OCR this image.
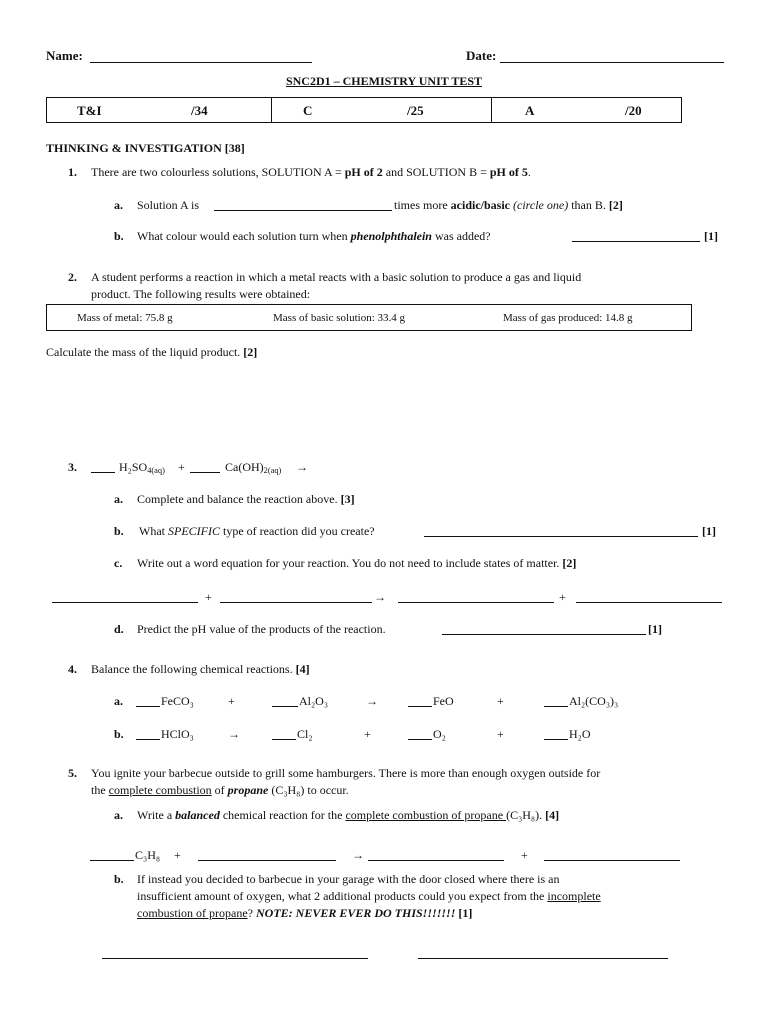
Name:	Date:
SNC2D1 – CHEMISTRY UNIT TEST
T&I	/34	C	/25	A	/20
THINKING & INVESTIGATION [38]
1. There are two colourless solutions, SOLUTION A = pH of 2 and SOLUTION B = pH of 5.
a. Solution A is	times more acidic/basic (circle one) than B. [2]
b. What colour would each solution turn when phenolphthalein was added?	[1]
2. A student performs a reaction in which a metal reacts with a basic solution to produce a gas and liquid
product. The following results were obtained:
Mass of metal: 75.8 g	Mass of basic solution: 33.4 g	Mass of gas produced: 14.8 g
Calculate the mass of the liquid product. [2]
3.	$H_2SO_{4(aq)}$ +	$Ca(OH)_{2(aq)}$ →
a. Complete and balance the reaction above. [3]
b. What SPECIFIC type of reaction did you create?	[1]
c. Write out a word equation for your reaction. You do not need to include states of matter. [2]
+	→	+
d. Predict the pH value of the products of the reaction.	[1]
4. Balance the following chemical reactions. [4]
a.	FeCO₃	+	Al₂O₃	→	FeO	+	Al₂(CO₃)₃
b.	HClO₃	→	Cl₂	+	O₂	+	H₂O
5. You ignite your barbecue outside to grill some hamburgers. There is more than enough oxygen outside for
the complete combustion of propane (C₃H₈) to occur.
a. Write a balanced chemical reaction for the complete combustion of propane (C₃H₈). [4]
C₃H₈ +	→	+
b. If instead you decided to barbecue in your garage with the door closed where there is an
insufficient amount of oxygen, what 2 additional products could you expect from the incomplete
combustion of propane? NOTE: NEVER EVER DO THIS!!!!!!! [1]
